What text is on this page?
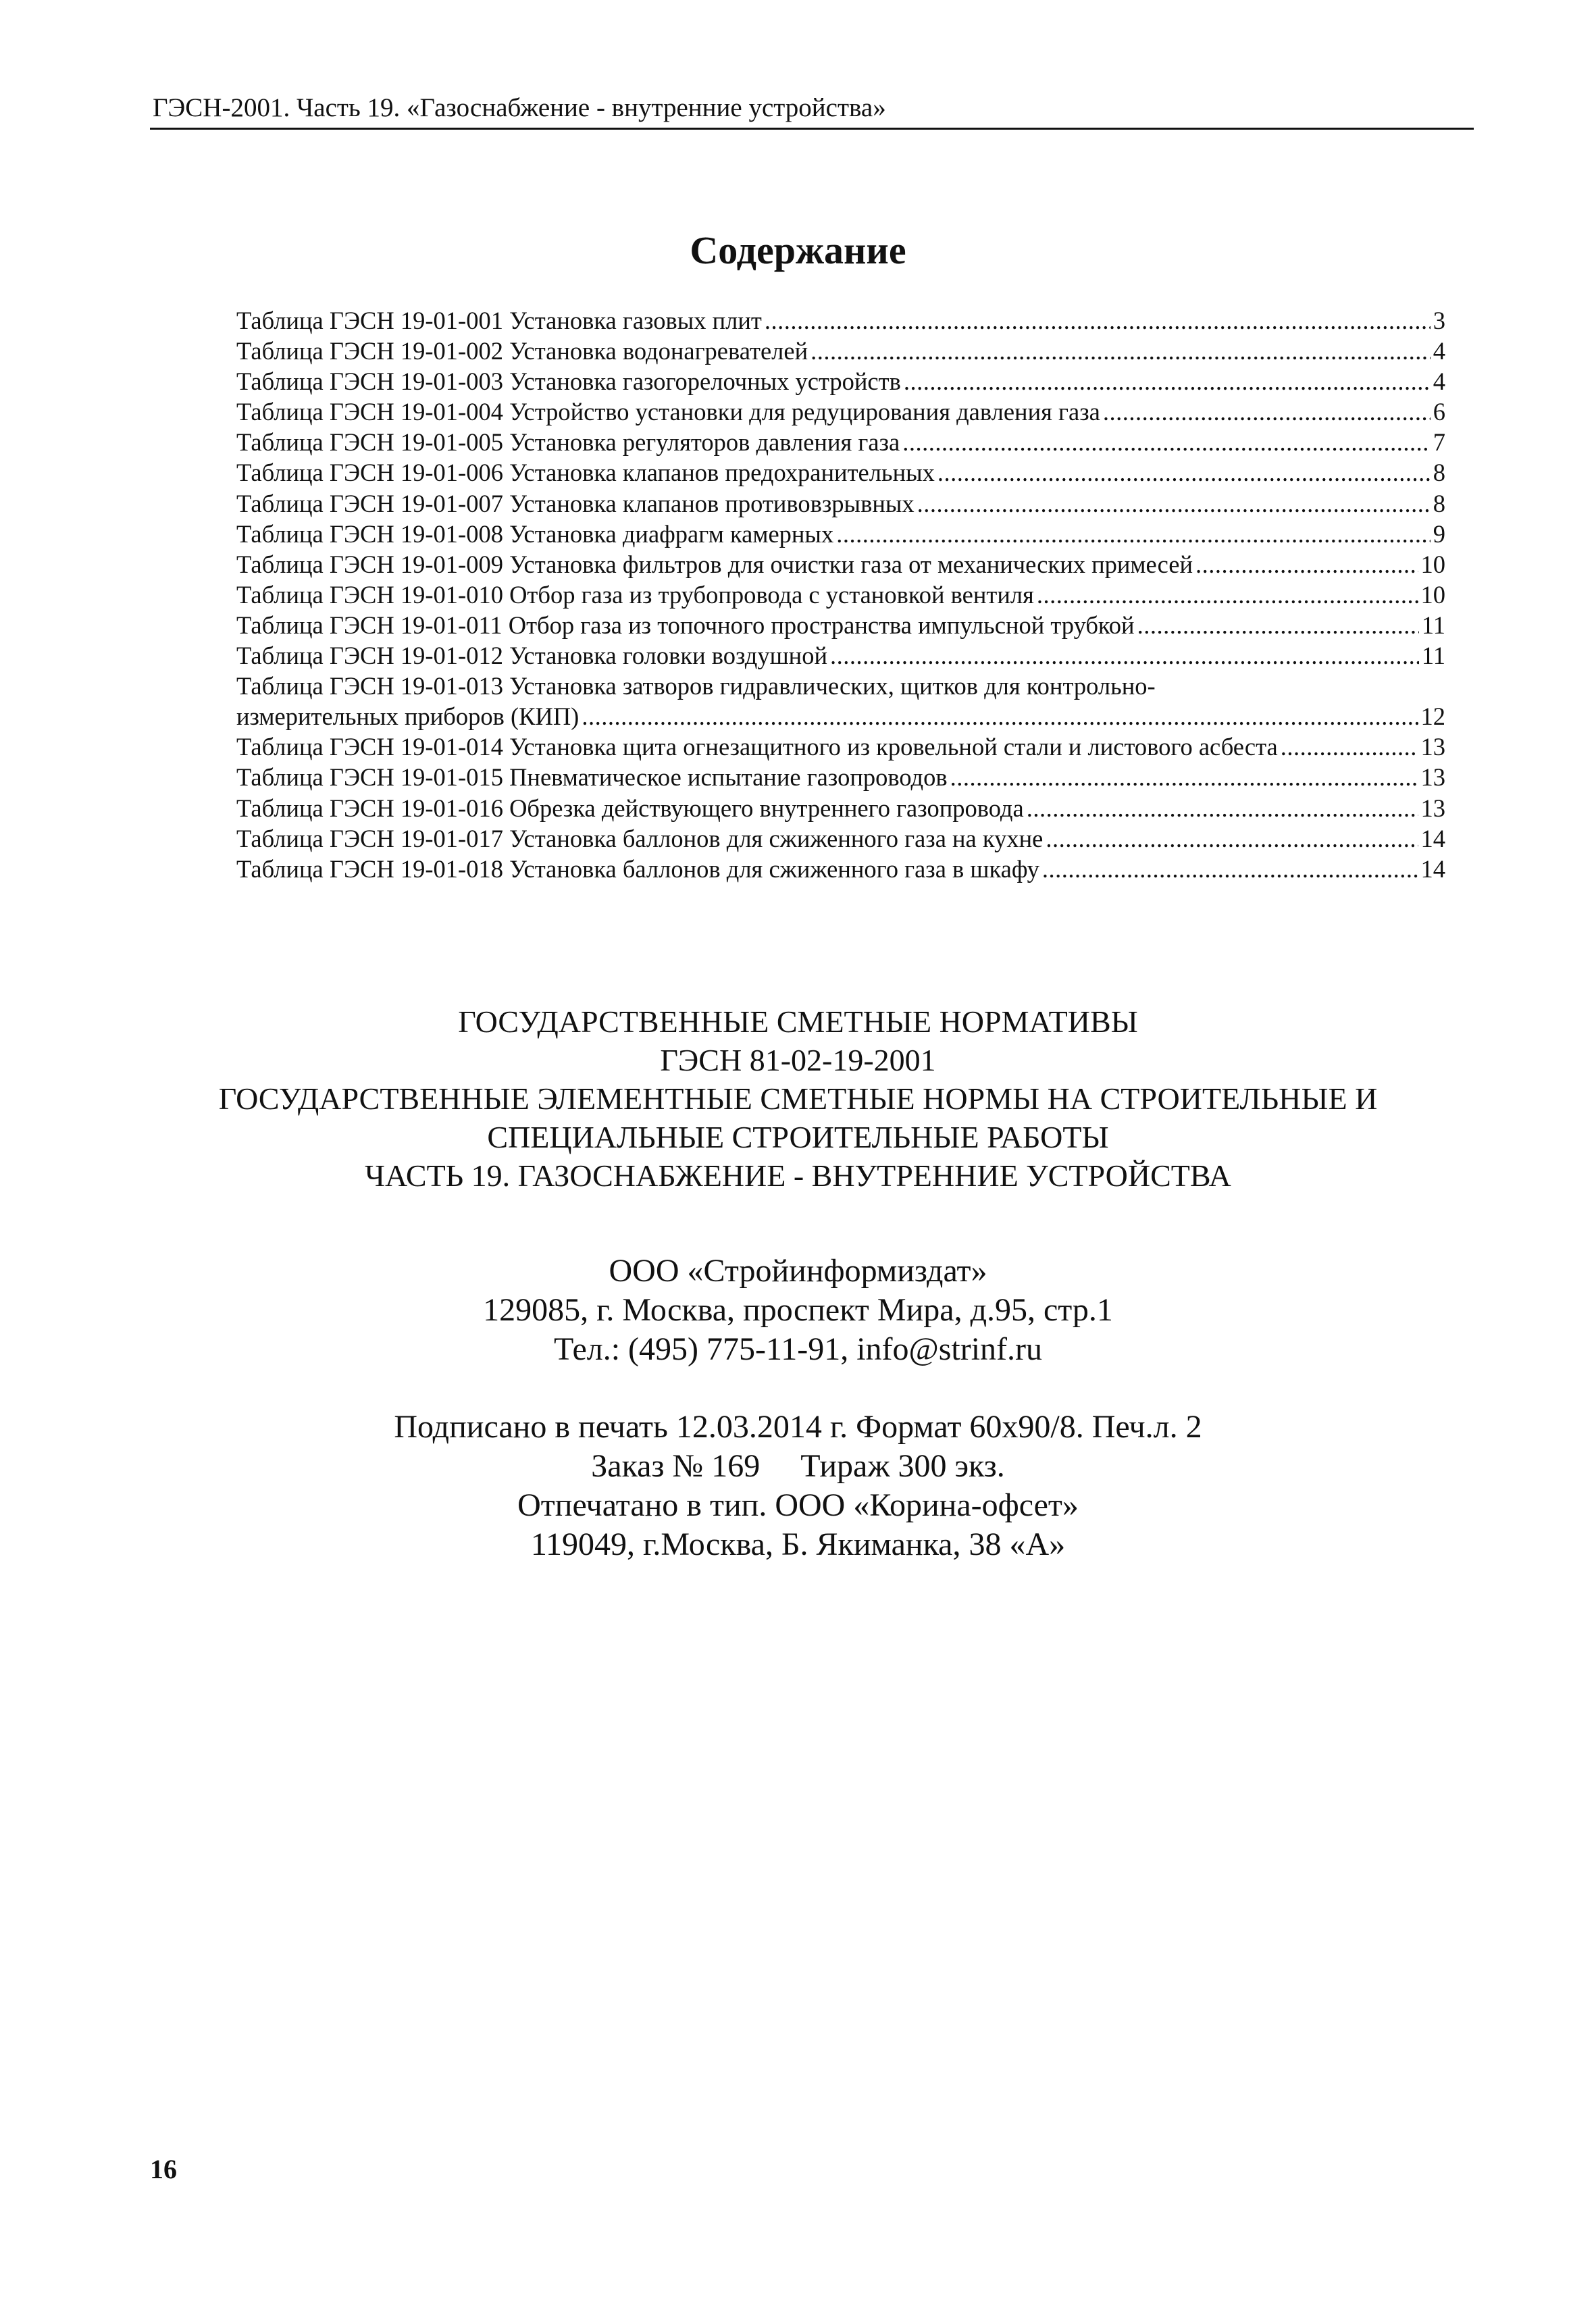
ГЭСН-2001. Часть 19. «Газоснабжение - внутренние устройства»
Содержание
Таблица ГЭСН 19-01-001 Установка газовых плит .....	3
Таблица ГЭСН 19-01-002 Установка водонагревателей .....	4
Таблица ГЭСН 19-01-003 Установка газогорелочных устройств .....	4
Таблица ГЭСН 19-01-004 Устройство установки для редуцирования давления газа .....	6
Таблица ГЭСН 19-01-005 Установка регуляторов давления газа .....	7
Таблица ГЭСН 19-01-006 Установка клапанов предохранительных .....	8
Таблица ГЭСН 19-01-007 Установка клапанов противовзрывных .....	8
Таблица ГЭСН 19-01-008 Установка диафрагм камерных .....	9
Таблица ГЭСН 19-01-009 Установка фильтров для очистки газа от механических примесей .....	10
Таблица ГЭСН 19-01-010 Отбор газа из трубопровода с установкой вентиля .....	10
Таблица ГЭСН 19-01-011 Отбор газа из топочного пространства импульсной трубкой .....	11
Таблица ГЭСН 19-01-012 Установка головки воздушной .....	11
Таблица ГЭСН 19-01-013 Установка затворов гидравлических, щитков для контрольно-
измерительных приборов (КИП) .....	12
Таблица ГЭСН 19-01-014 Установка щита огнезащитного из кровельной стали и листового асбеста .....	13
Таблица ГЭСН 19-01-015 Пневматическое испытание газопроводов .....	13
Таблица ГЭСН 19-01-016 Обрезка действующего внутреннего газопровода .....	13
Таблица ГЭСН 19-01-017 Установка баллонов для сжиженного газа на кухне .....	14
Таблица ГЭСН 19-01-018 Установка баллонов для сжиженного газа в шкафу .....	14
ГОСУДАРСТВЕННЫЕ СМЕТНЫЕ НОРМАТИВЫ
ГЭСН 81-02-19-2001
ГОСУДАРСТВЕННЫЕ ЭЛЕМЕНТНЫЕ СМЕТНЫЕ НОРМЫ НА СТРОИТЕЛЬНЫЕ И
СПЕЦИАЛЬНЫЕ СТРОИТЕЛЬНЫЕ РАБОТЫ
ЧАСТЬ 19. ГАЗОСНАБЖЕНИЕ - ВНУТРЕННИЕ УСТРОЙСТВА
ООО «Стройинформиздат»
129085, г. Москва, проспект Мира, д.95, стр.1
Тел.: (495) 775-11-91, info@strinf.ru
Подписано в печать 12.03.2014 г. Формат 60x90/8. Печ.л. 2
Заказ № 169     Тираж 300 экз.
Отпечатано в тип. ООО «Корина-офсет»
119049, г.Москва, Б. Якиманка, 38 «А»
16
